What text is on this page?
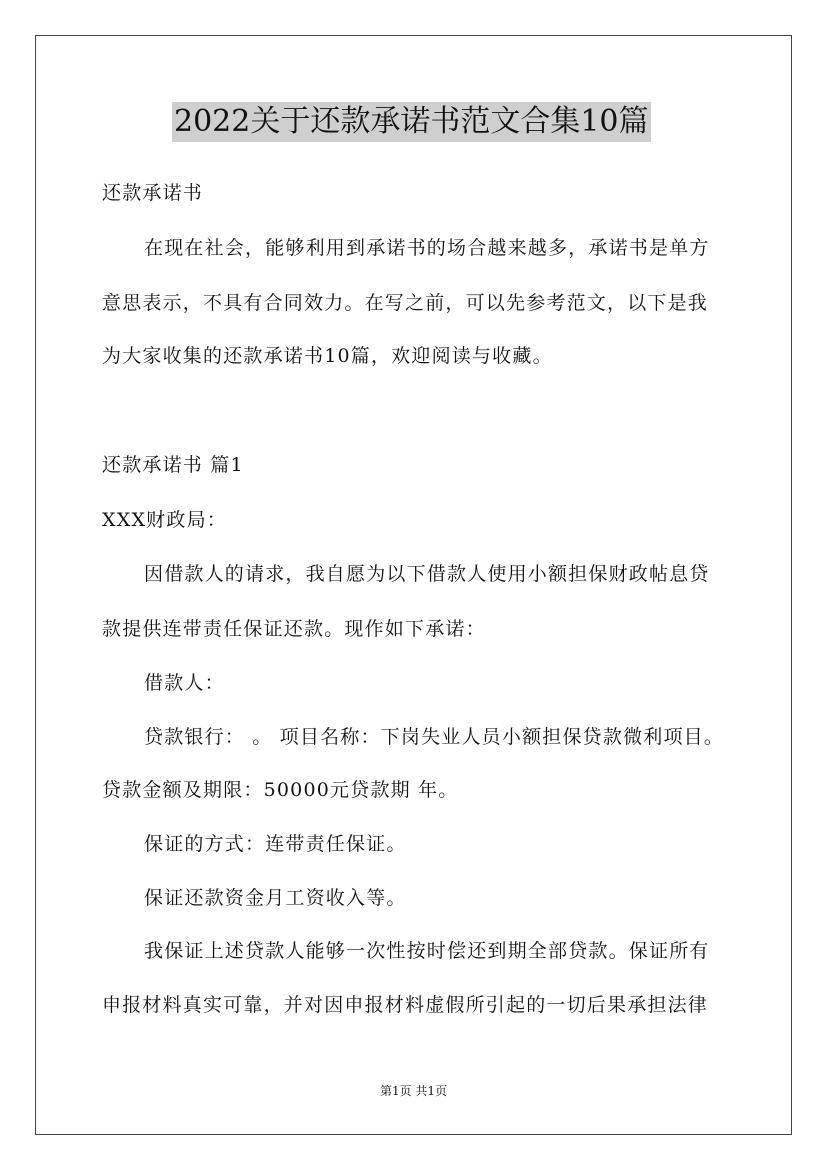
2022关于还款承诺书范文合集10篇
还款承诺书
在现在社会，能够利用到承诺书的场合越来越多，承诺书是单方
意思表示，不具有合同效力。在写之前，可以先参考范文，以下是我
为大家收集的还款承诺书10篇，欢迎阅读与收藏。
还款承诺书 篇1
XXX财政局：
因借款人的请求，我自愿为以下借款人使用小额担保财政帖息贷
款提供连带责任保证还款。现作如下承诺：
借款人：
贷款银行： 。 项目名称：下岗失业人员小额担保贷款微利项目。
贷款金额及期限：50000元贷款期 年。
保证的方式：连带责任保证。
保证还款资金月工资收入等。
我保证上述贷款人能够一次性按时偿还到期全部贷款。保证所有
申报材料真实可靠，并对因申报材料虚假所引起的一切后果承担法律
第1页 共1页
